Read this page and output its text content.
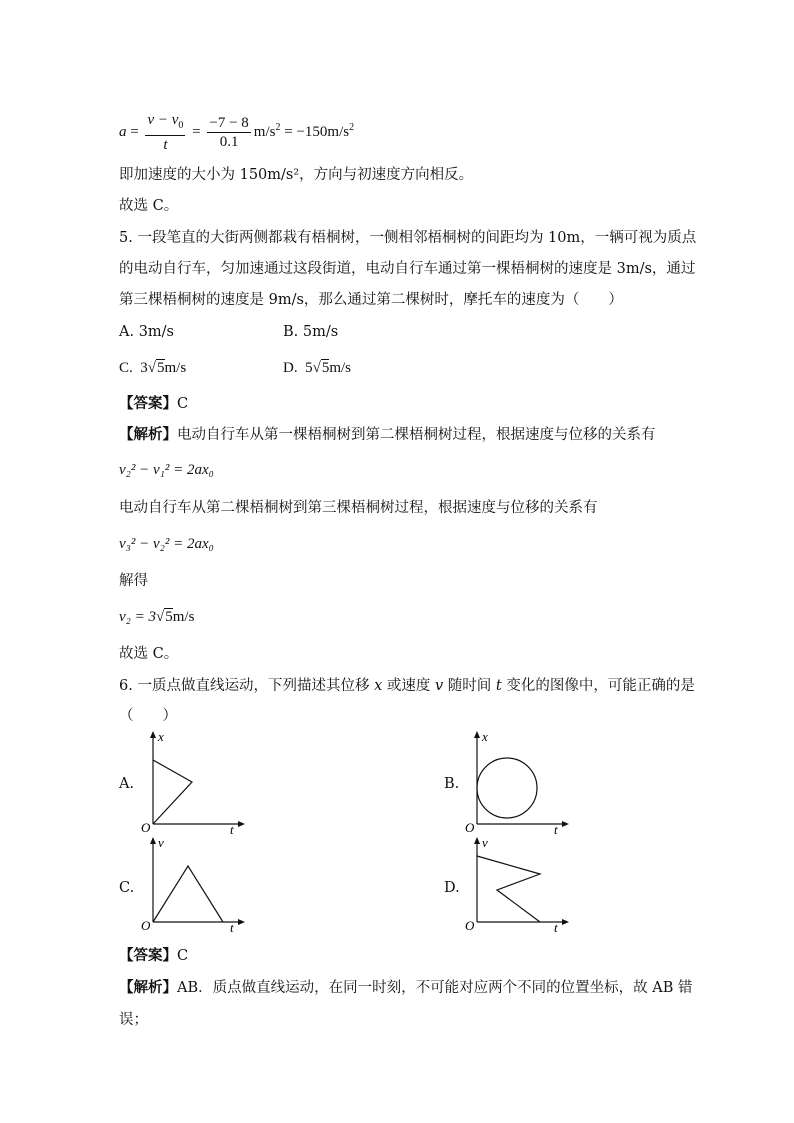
$a = \frac{v - v_0}{t} = \frac{-7 - 8}{0.1} m/s^2 = -150m/s^2$
即加速度的大小为 150m/s²，方向与初速度方向相反。
故选 C。
5. 一段笔直的大街两侧都栽有梧桐树，一侧相邻梧桐树的间距均为 10m，一辆可视为质点
的电动自行车，匀加速通过这段街道，电动自行车通过第一棵梧桐树的速度是 3m/s，通过
第三棵梧桐树的速度是 9m/s，那么通过第二棵树时，摩托车的速度为（　　）
A. 3m/s	B. 5m/s
C. 3√5m/s	D. 5√5m/s
【答案】C
【解析】电动自行车从第一棵梧桐树到第二棵梧桐树过程，根据速度与位移的关系有
v₂² − v₁² = 2ax₀
电动自行车从第二棵梧桐树到第三棵梧桐树过程，根据速度与位移的关系有
v₃² − v₂² = 2ax₀
解得
v₂ = 3√5m/s
故选 C。
6. 一质点做直线运动，下列描述其位移 x 或速度 v 随时间 t 变化的图像中，可能正确的是
（　　）
A.	B.
C.	D.
x
O	t
x
O	t
v
O	t
v
O	t
【答案】C
【解析】AB．质点做直线运动，在同一时刻，不可能对应两个不同的位置坐标，故 AB 错
误；
